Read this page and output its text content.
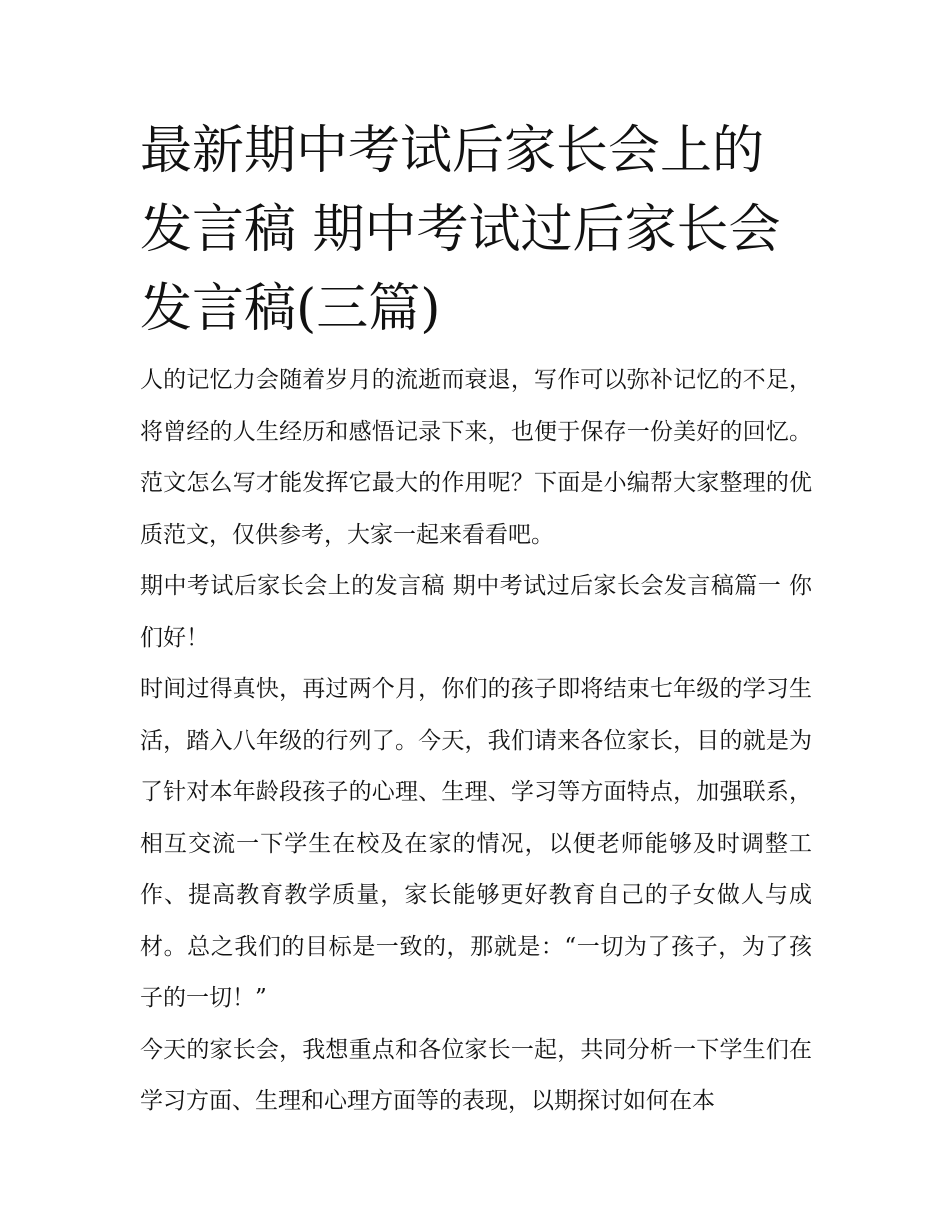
最新期中考试后家长会上的发言稿 期中考试过后家长会发言稿(三篇)

人的记忆力会随着岁月的流逝而衰退，写作可以弥补记忆的不足，将曾经的人生经历和感悟记录下来，也便于保存一份美好的回忆。范文怎么写才能发挥它最大的作用呢？下面是小编帮大家整理的优质范文，仅供参考，大家一起来看看吧。

期中考试后家长会上的发言稿 期中考试过后家长会发言稿篇一 你们好！

时间过得真快，再过两个月，你们的孩子即将结束七年级的学习生活，踏入八年级的行列了。今天，我们请来各位家长，目的就是为了针对本年龄段孩子的心理、生理、学习等方面特点，加强联系，相互交流一下学生在校及在家的情况，以便老师能够及时调整工作、提高教育教学质量，家长能够更好教育自己的子女做人与成材。总之我们的目标是一致的，那就是：“一切为了孩子，为了孩子的一切！”

今天的家长会，我想重点和各位家长一起，共同分析一下学生们在学习方面、生理和心理方面等的表现，以期探讨如何在本
